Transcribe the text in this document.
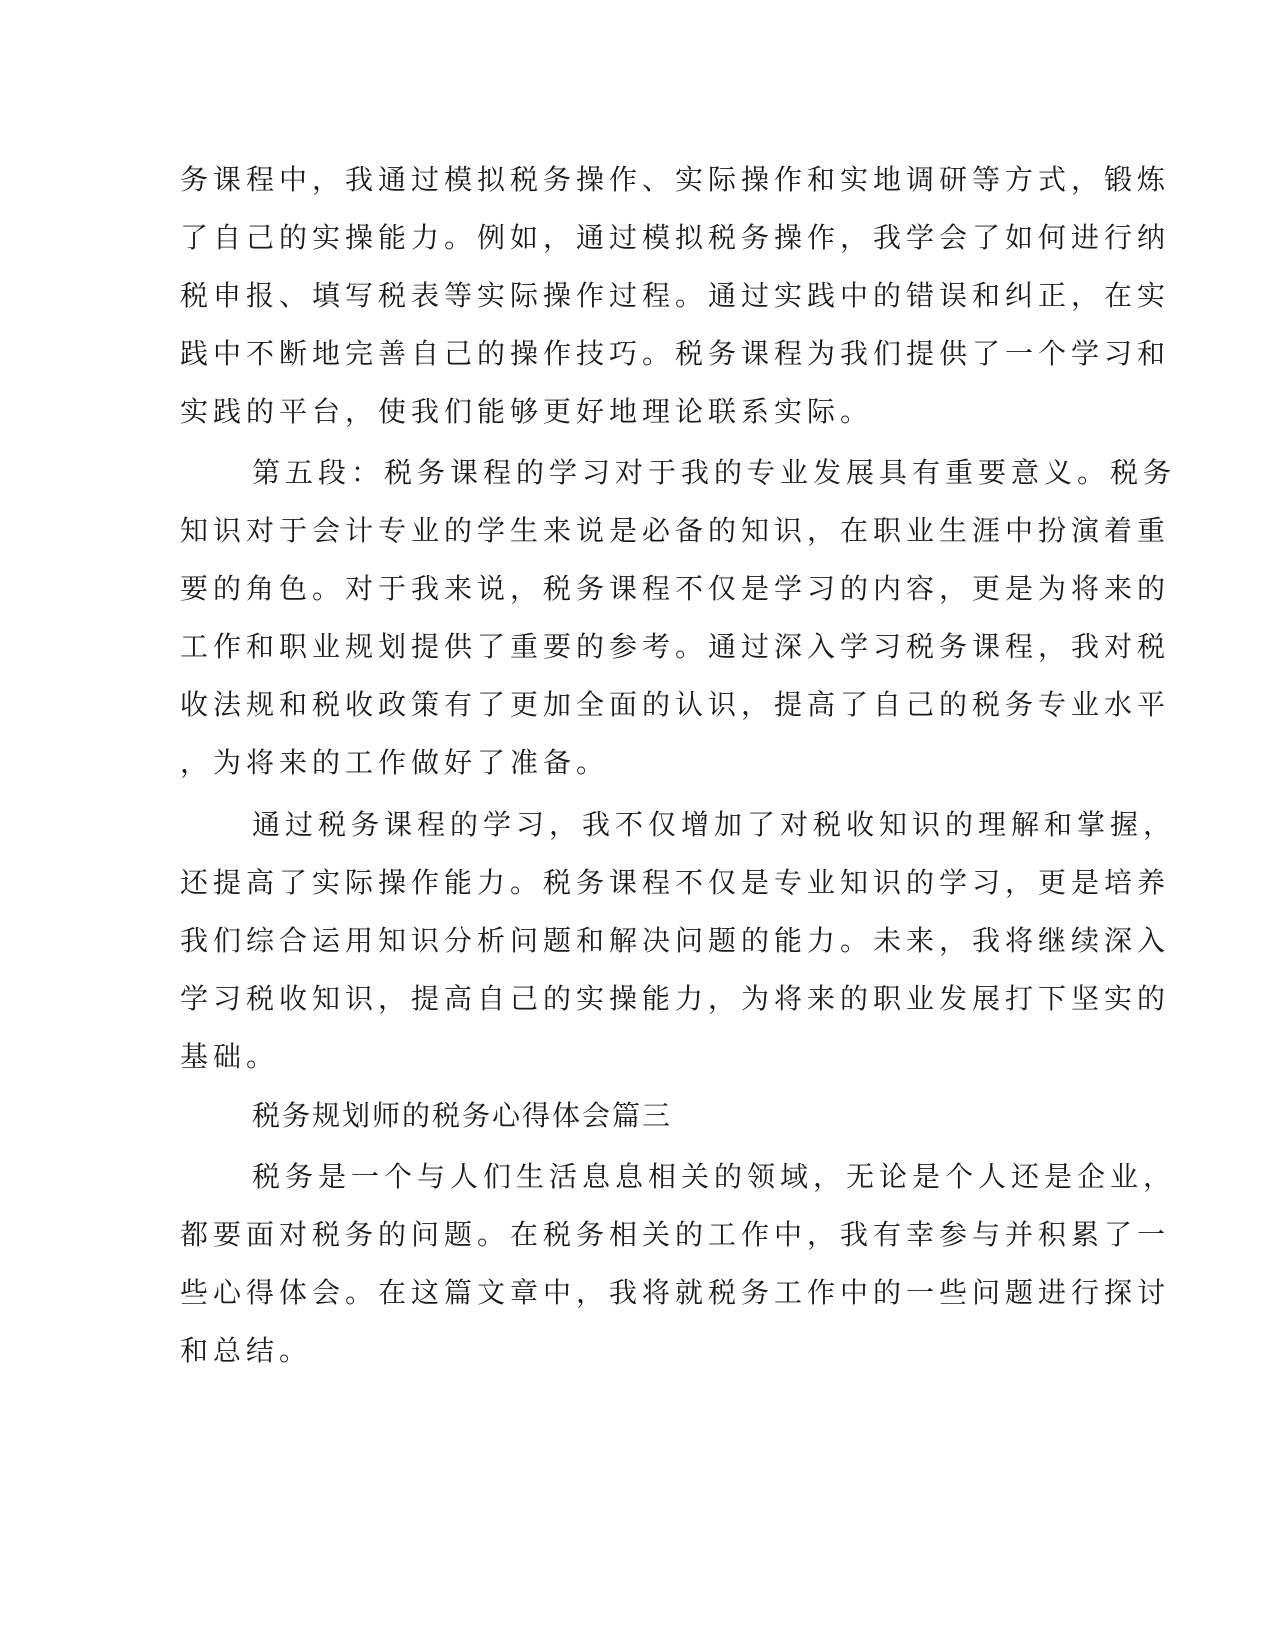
务课程中，我通过模拟税务操作、实际操作和实地调研等方式，锻炼
了自己的实操能力。例如，通过模拟税务操作，我学会了如何进行纳
税申报、填写税表等实际操作过程。通过实践中的错误和纠正，在实
践中不断地完善自己的操作技巧。税务课程为我们提供了一个学习和
实践的平台，使我们能够更好地理论联系实际。
第五段：税务课程的学习对于我的专业发展具有重要意义。税务
知识对于会计专业的学生来说是必备的知识，在职业生涯中扮演着重
要的角色。对于我来说，税务课程不仅是学习的内容，更是为将来的
工作和职业规划提供了重要的参考。通过深入学习税务课程，我对税
收法规和税收政策有了更加全面的认识，提高了自己的税务专业水平
，为将来的工作做好了准备。
通过税务课程的学习，我不仅增加了对税收知识的理解和掌握，
还提高了实际操作能力。税务课程不仅是专业知识的学习，更是培养
我们综合运用知识分析问题和解决问题的能力。未来，我将继续深入
学习税收知识，提高自己的实操能力，为将来的职业发展打下坚实的
基础。
税务规划师的税务心得体会篇三
税务是一个与人们生活息息相关的领域，无论是个人还是企业，
都要面对税务的问题。在税务相关的工作中，我有幸参与并积累了一
些心得体会。在这篇文章中，我将就税务工作中的一些问题进行探讨
和总结。
